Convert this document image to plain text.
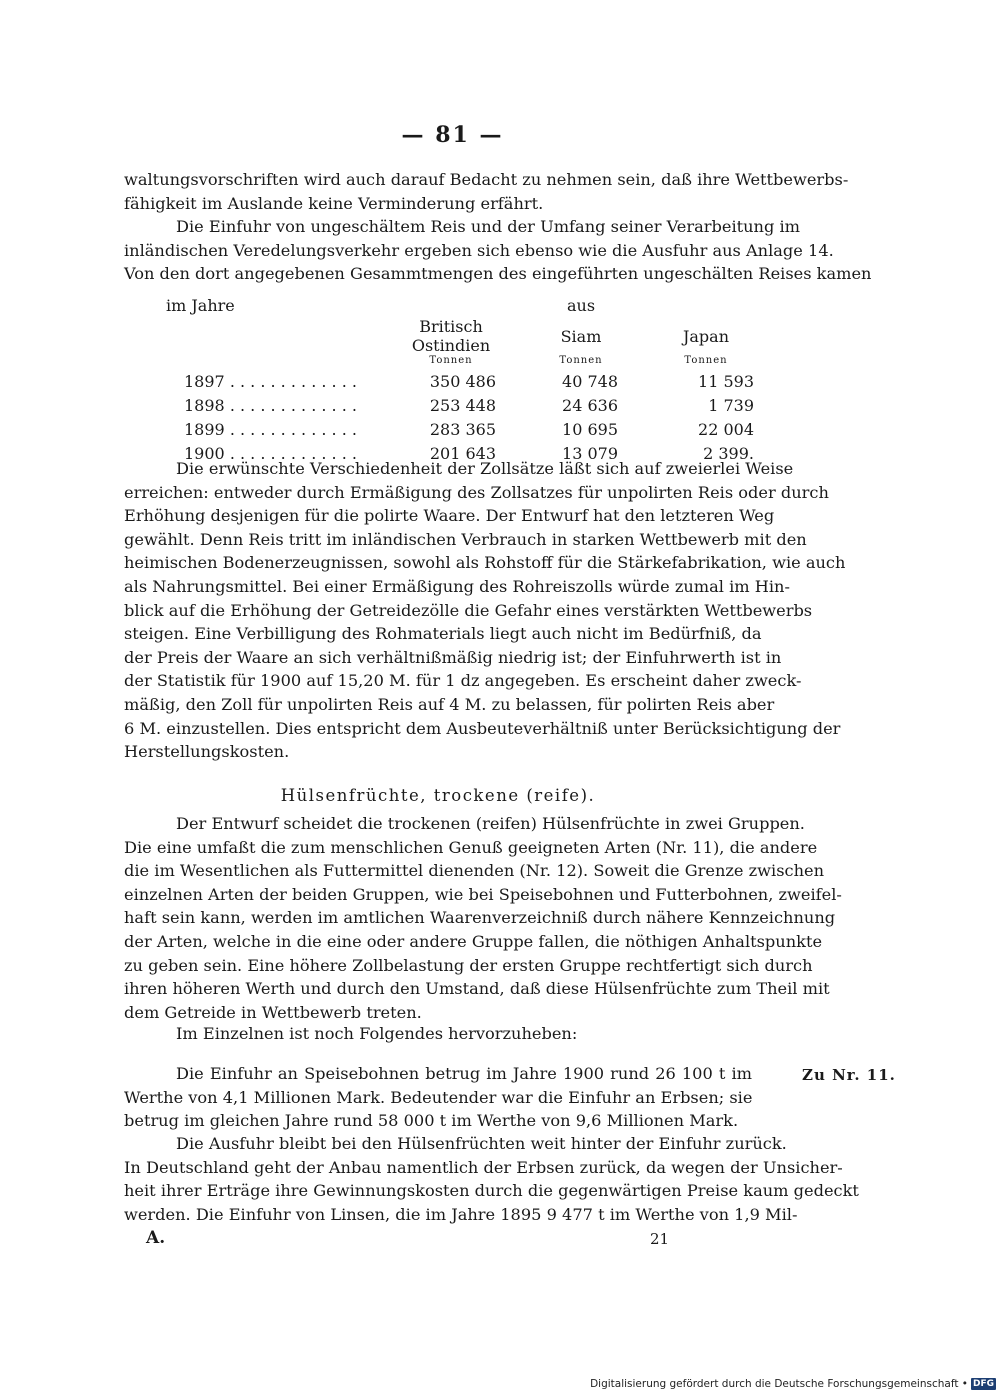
— 81 —
waltungsvorschriften wird auch darauf Bedacht zu nehmen sein, daß ihre Wettbewerbs-
fähigkeit im Auslande keine Verminderung erfährt.
Die Einfuhr von ungeschältem Reis und der Umfang seiner Verarbeitung im
inländischen Veredelungsverkehr ergeben sich ebenso wie die Ausfuhr aus Anlage 14.
Von den dort angegebenen Gesammtmengen des eingeführten ungeschälten Reises kamen
im Jahre		aus	
	Britisch Ostindien	Siam	Japan
	Tonnen	Tonnen	Tonnen
1897 . . . . . . . . . . . . .	350 486	40 748	11 593
1898 . . . . . . . . . . . . .	253 448	24 636	1 739
1899 . . . . . . . . . . . . .	283 365	10 695	22 004
1900 . . . . . . . . . . . . .	201 643	13 079	2 399.
Die erwünschte Verschiedenheit der Zollsätze läßt sich auf zweierlei Weise
erreichen: entweder durch Ermäßigung des Zollsatzes für unpolirten Reis oder durch
Erhöhung desjenigen für die polirte Waare. Der Entwurf hat den letzteren Weg
gewählt. Denn Reis tritt im inländischen Verbrauch in starken Wettbewerb mit den
heimischen Bodenerzeugnissen, sowohl als Rohstoff für die Stärkefabrikation, wie auch
als Nahrungsmittel. Bei einer Ermäßigung des Rohreiszolls würde zumal im Hin-
blick auf die Erhöhung der Getreidezölle die Gefahr eines verstärkten Wettbewerbs
steigen. Eine Verbilligung des Rohmaterials liegt auch nicht im Bedürfniß, da
der Preis der Waare an sich verhältnißmäßig niedrig ist; der Einfuhrwerth ist in
der Statistik für 1900 auf 15,20 M. für 1 dz angegeben. Es erscheint daher zweck-
mäßig, den Zoll für unpolirten Reis auf 4 M. zu belassen, für polirten Reis aber
6 M. einzustellen. Dies entspricht dem Ausbeuteverhältniß unter Berücksichtigung der
Herstellungskosten.
Hülsenfrüchte, trockene (reife).
Der Entwurf scheidet die trockenen (reifen) Hülsenfrüchte in zwei Gruppen.
Die eine umfaßt die zum menschlichen Genuß geeigneten Arten (Nr. 11), die andere
die im Wesentlichen als Futtermittel dienenden (Nr. 12). Soweit die Grenze zwischen
einzelnen Arten der beiden Gruppen, wie bei Speisebohnen und Futterbohnen, zweifel-
haft sein kann, werden im amtlichen Waarenverzeichniß durch nähere Kennzeichnung
der Arten, welche in die eine oder andere Gruppe fallen, die nöthigen Anhaltspunkte
zu geben sein. Eine höhere Zollbelastung der ersten Gruppe rechtfertigt sich durch
ihren höheren Werth und durch den Umstand, daß diese Hülsenfrüchte zum Theil mit
dem Getreide in Wettbewerb treten.
Im Einzelnen ist noch Folgendes hervorzuheben:
Die Einfuhr an Speisebohnen betrug im Jahre 1900 rund 26 100 t im
Werthe von 4,1 Millionen Mark. Bedeutender war die Einfuhr an Erbsen; sie
betrug im gleichen Jahre rund 58 000 t im Werthe von 9,6 Millionen Mark.
Die Ausfuhr bleibt bei den Hülsenfrüchten weit hinter der Einfuhr zurück.
In Deutschland geht der Anbau namentlich der Erbsen zurück, da wegen der Unsicher-
heit ihrer Erträge ihre Gewinnungskosten durch die gegenwärtigen Preise kaum gedeckt
werden. Die Einfuhr von Linsen, die im Jahre 1895 9 477 t im Werthe von 1,9 Mil-
Zu Nr. 11.
A.	21
Digitalisierung gefördert durch die Deutsche Forschungsgemeinschaft • DFG
